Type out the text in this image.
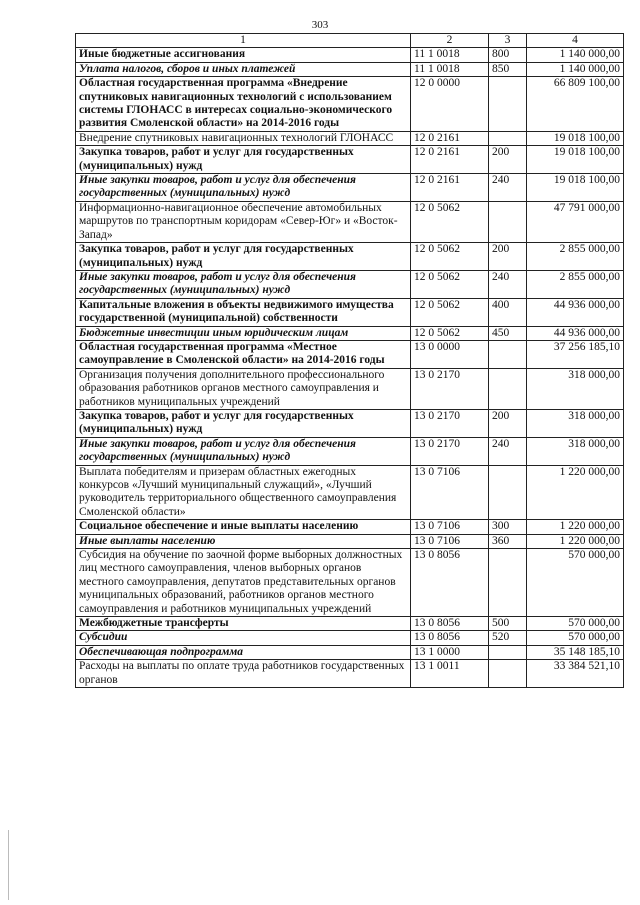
303
1	2	3	4
Иные бюджетные ассигнования	11 1 0018	800	1 140 000,00
Уплата налогов, сборов и иных платежей	11 1 0018	850	1 140 000,00
Областная государственная программа «Внедрение спутниковых навигационных технологий с использованием системы ГЛОНАСС в интересах социально-экономического развития Смоленской области» на 2014-2016 годы	12 0 0000		66 809 100,00
Внедрение спутниковых навигационных технологий ГЛОНАСС	12 0 2161		19 018 100,00
Закупка товаров, работ и услуг для государственных (муниципальных) нужд	12 0 2161	200	19 018 100,00
Иные закупки товаров, работ и услуг для обеспечения государственных (муниципальных) нужд	12 0 2161	240	19 018 100,00
Информационно-навигационное обеспечение автомобильных маршрутов по транспортным коридорам «Север-Юг» и «Восток-Запад»	12 0 5062		47 791 000,00
Закупка товаров, работ и услуг для государственных (муниципальных) нужд	12 0 5062	200	2 855 000,00
Иные закупки товаров, работ и услуг для обеспечения государственных (муниципальных) нужд	12 0 5062	240	2 855 000,00
Капитальные вложения в объекты недвижимого имущества государственной (муниципальной) собственности	12 0 5062	400	44 936 000,00
Бюджетные инвестиции иным юридическим лицам	12 0 5062	450	44 936 000,00
Областная государственная программа «Местное самоуправление в Смоленской области» на 2014-2016 годы	13 0 0000		37 256 185,10
Организация получения дополнительного профессионального образования работников органов местного самоуправления и работников муниципальных учреждений	13 0 2170		318 000,00
Закупка товаров, работ и услуг для государственных (муниципальных) нужд	13 0 2170	200	318 000,00
Иные закупки товаров, работ и услуг для обеспечения государственных (муниципальных) нужд	13 0 2170	240	318 000,00
Выплата победителям и призерам областных ежегодных конкурсов «Лучший муниципальный служащий», «Лучший руководитель территориального общественного самоуправления Смоленской области»	13 0 7106		1 220 000,00
Социальное обеспечение и иные выплаты населению	13 0 7106	300	1 220 000,00
Иные выплаты населению	13 0 7106	360	1 220 000,00
Субсидия на обучение по заочной форме выборных должностных лиц местного самоуправления, членов выборных органов местного самоуправления, депутатов представительных органов муниципальных образований, работников органов местного самоуправления и работников муниципальных учреждений	13 0 8056		570 000,00
Межбюджетные трансферты	13 0 8056	500	570 000,00
Субсидии	13 0 8056	520	570 000,00
Обеспечивающая подпрограмма	13 1 0000		35 148 185,10
Расходы на выплаты по оплате труда работников государственных органов	13 1 0011		33 384 521,10
